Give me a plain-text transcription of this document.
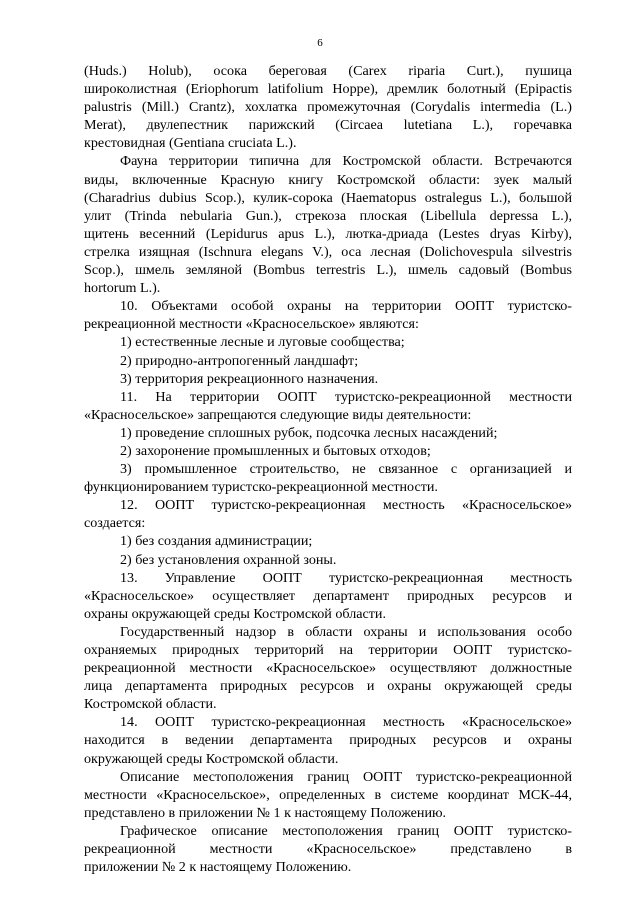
6
(Huds.) Holub), осока береговая (Carex riparia Curt.), пушица
широколистная (Eriophorum latifolium Hoppe), дремлик болотный (Epipactis
palustris (Mill.) Crantz), хохлатка промежуточная (Corydalis intermedia (L.)
Merat), двулепестник парижский (Circaea lutetiana L.), горечавка
крестовидная (Gentiana cruciata L.).
Фауна территории типична для Костромской области. Встречаются
виды, включенные Красную книгу Костромской области: зуек малый
(Charadrius dubius Scop.), кулик-сорока (Haematopus ostralegus L.), большой
улит (Trinda nebularia Gun.), стрекоза плоская (Libellula depressa L.),
щитень весенний (Lepidurus apus L.), лютка-дриада (Lestes dryas Kirby),
стрелка изящная (Ischnura elegans V.), оса лесная (Dolichovespula silvestris
Scop.), шмель земляной (Bombus terrestris L.), шмель садовый (Bombus
hortorum L.).
10. Объектами особой охраны на территории ООПТ туристско-
рекреационной местности «Красносельское» являются:
1) естественные лесные и луговые сообщества;
2) природно-антропогенный ландшафт;
3) территория рекреационного назначения.
11. На территории ООПТ туристско-рекреационной местности
«Красносельское» запрещаются следующие виды деятельности:
1) проведение сплошных рубок, подсочка лесных насаждений;
2) захоронение промышленных и бытовых отходов;
3) промышленное строительство, не связанное с организацией и
функционированием туристско-рекреационной местности.
12. ООПТ туристско-рекреационная местность «Красносельское»
создается:
1) без создания администрации;
2) без установления охранной зоны.
13. Управление ООПТ туристско-рекреационная местность
«Красносельское» осуществляет департамент природных ресурсов и
охраны окружающей среды Костромской области.
Государственный надзор в области охраны и использования особо
охраняемых природных территорий на территории ООПТ туристско-
рекреационной местности «Красносельское» осуществляют должностные
лица департамента природных ресурсов и охраны окружающей среды
Костромской области.
14. ООПТ туристско-рекреационная местность «Красносельское»
находится в ведении департамента природных ресурсов и охраны
окружающей среды Костромской области.
Описание местоположения границ ООПТ туристско-рекреационной
местности «Красносельское», определенных в системе координат МСК-44,
представлено в приложении № 1 к настоящему Положению.
Графическое описание местоположения границ ООПТ туристско-
рекреационной местности «Красносельское» представлено в
приложении № 2 к настоящему Положению.
